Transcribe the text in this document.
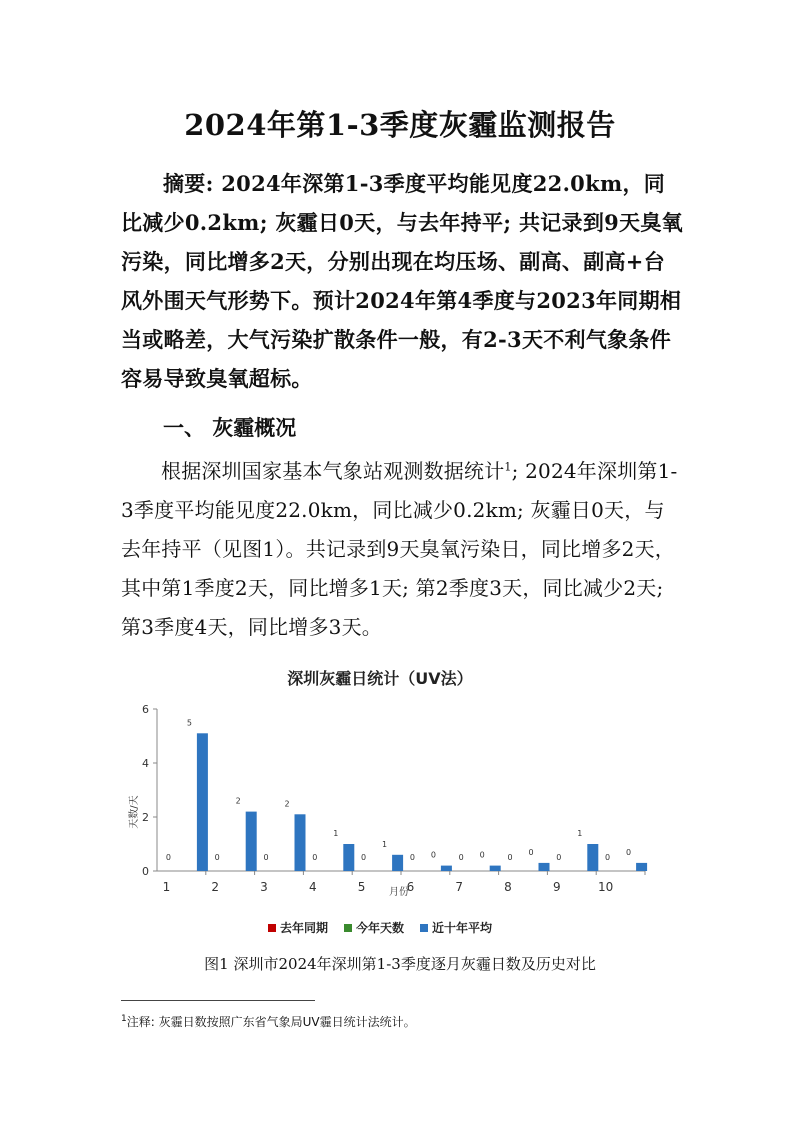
2024年第1-3季度灰霾监测报告
摘要: 2024年深第1-3季度平均能见度22.0km，同比减少0.2km; 灰霾日0天，与去年持平; 共记录到9天臭氧污染，同比增多2天，分别出现在均压场、副高、副高+台风外围天气形势下。预计2024年第4季度与2023年同期相当或略差，大气污染扩散条件一般，有2-3天不利气象条件容易导致臭氧超标。
一、 灰霾概况
根据深圳国家基本气象站观测数据统计$^1$; 2024年深圳第1-3季度平均能见度22.0km，同比减少0.2km; 灰霾日0天，与去年持平（见图1）。共记录到9天臭氧污染日，同比增多2天，其中第1季度2天，同比增多1天; 第2季度3天，同比减少2天; 第3季度4天，同比增多3天。
深圳灰霾日统计（UV法）
天数/天
月份
0
2
4
6
1
0
5
2
0
2
3
0
2
4
0
1
5
0
1
6
0 0
7
0 0
8
0
0
9
0
1
10
0
0
去年同期 今年天数 近十年平均
图1 深圳市2024年深圳第1-3季度逐月灰霾日数及历史对比
$^1$注释: 灰霾日数按照广东省气象局UV霾日统计法统计。
